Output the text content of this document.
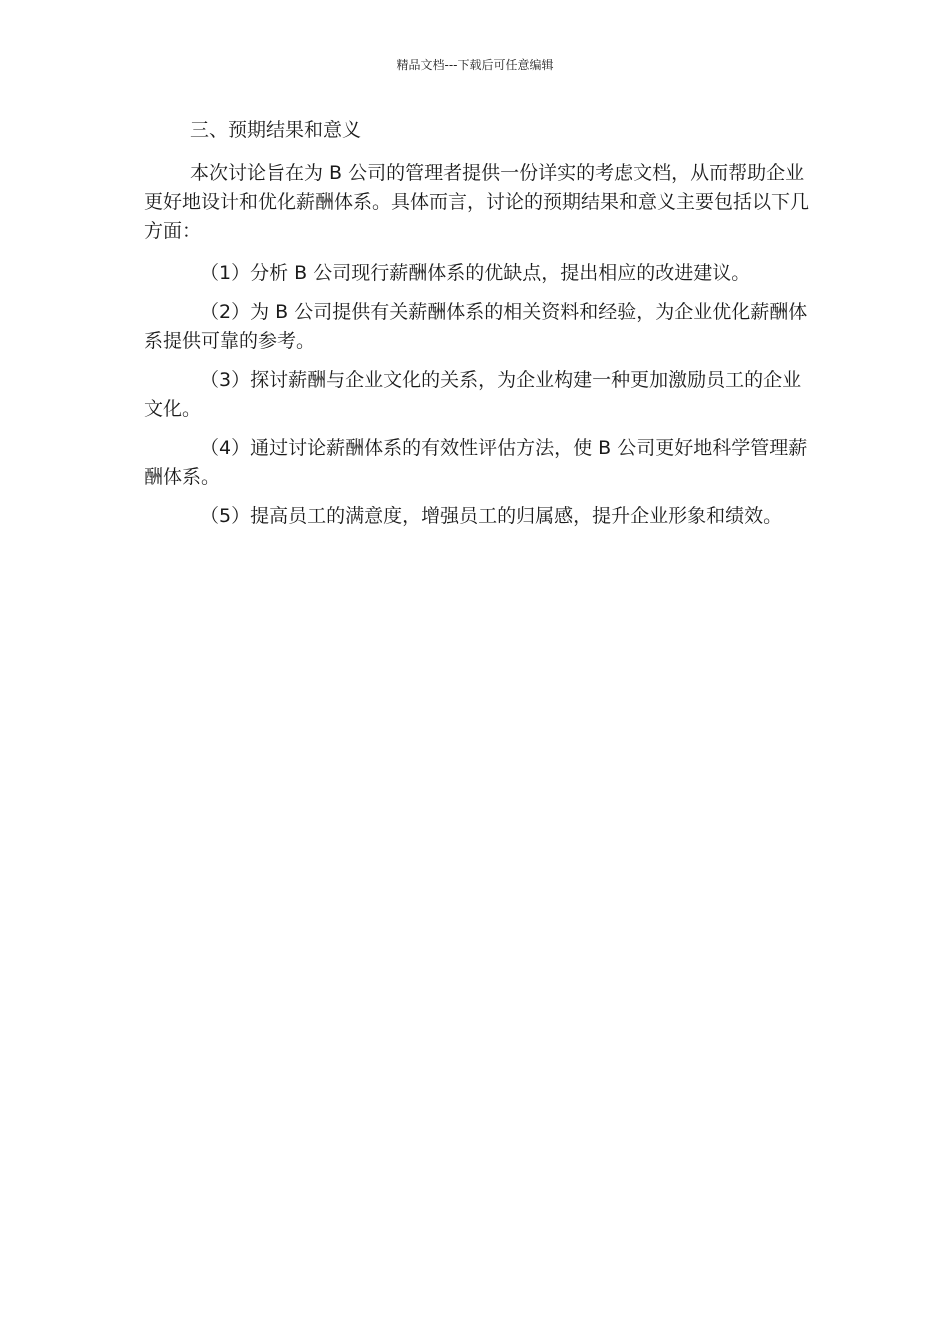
精品文档---下载后可任意编辑
三、预期结果和意义

本次讨论旨在为 B 公司的管理者提供一份详实的考虑文档，从而帮助企业更好地设计和优化薪酬体系。具体而言，讨论的预期结果和意义主要包括以下几方面：

（1）分析 B 公司现行薪酬体系的优缺点，提出相应的改进建议。

（2）为 B 公司提供有关薪酬体系的相关资料和经验，为企业优化薪酬体系提供可靠的参考。

（3）探讨薪酬与企业文化的关系，为企业构建一种更加激励员工的企业文化。

（4）通过讨论薪酬体系的有效性评估方法，使 B 公司更好地科学管理薪酬体系。

（5）提高员工的满意度，增强员工的归属感，提升企业形象和绩效。
